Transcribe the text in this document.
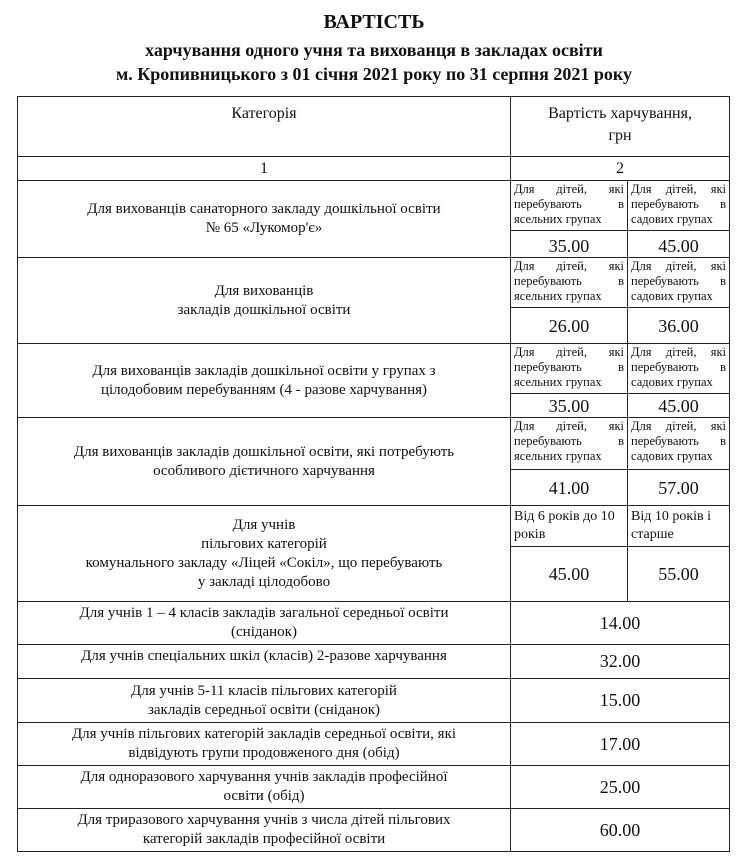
ВАРТІСТЬ
харчування одного учня та вихованця в закладах освіти
м. Кропивницького з 01 січня 2021 року по 31 серпня 2021 року
Категорія	Вартість харчування,
грн	
1	2	
Для вихованців санаторного закладу дошкільної освіти
№ 65 «Лукомор'є»	Для дітей, які перебувають в ясельних групах	Для дітей, які перебувають в садових групах
	35.00	45.00
Для вихованців
закладів дошкільної освіти	Для дітей, які перебувають в ясельних групах	Для дітей, які перебувають в садових групах
	26.00	36.00
Для вихованців закладів дошкільної освіти у групах з
цілодобовим перебуванням (4 - разове харчування)	Для дітей, які перебувають в ясельних групах	Для дітей, які перебувають в садових групах
	35.00	45.00
Для вихованців закладів дошкільної освіти, які потребують
особливого дієтичного харчування	Для дітей, які перебувають в ясельних групах	Для дітей, які перебувають в садових групах
	41.00	57.00
Для учнів
пільгових категорій
комунального закладу «Ліцей «Сокіл», що перебувають
у закладі цілодобово	Від 6 років до 10 років	Від 10 років і старше
	45.00	55.00
Для учнів 1 – 4 класів закладів загальної середньої освіти
(сніданок)	14.00	
Для учнів спеціальних шкіл (класів) 2-разове харчування	32.00	
Для учнів 5-11 класів пільгових категорій
закладів середньої освіти (сніданок)	15.00	
Для учнів пільгових категорій закладів середньої освіти, які
відвідують групи продовженого дня (обід)	17.00	
Для одноразового харчування учнів закладів професійної
освіти (обід)	25.00	
Для триразового харчування учнів з числа дітей пільгових
категорій закладів професійної освіти	60.00	
